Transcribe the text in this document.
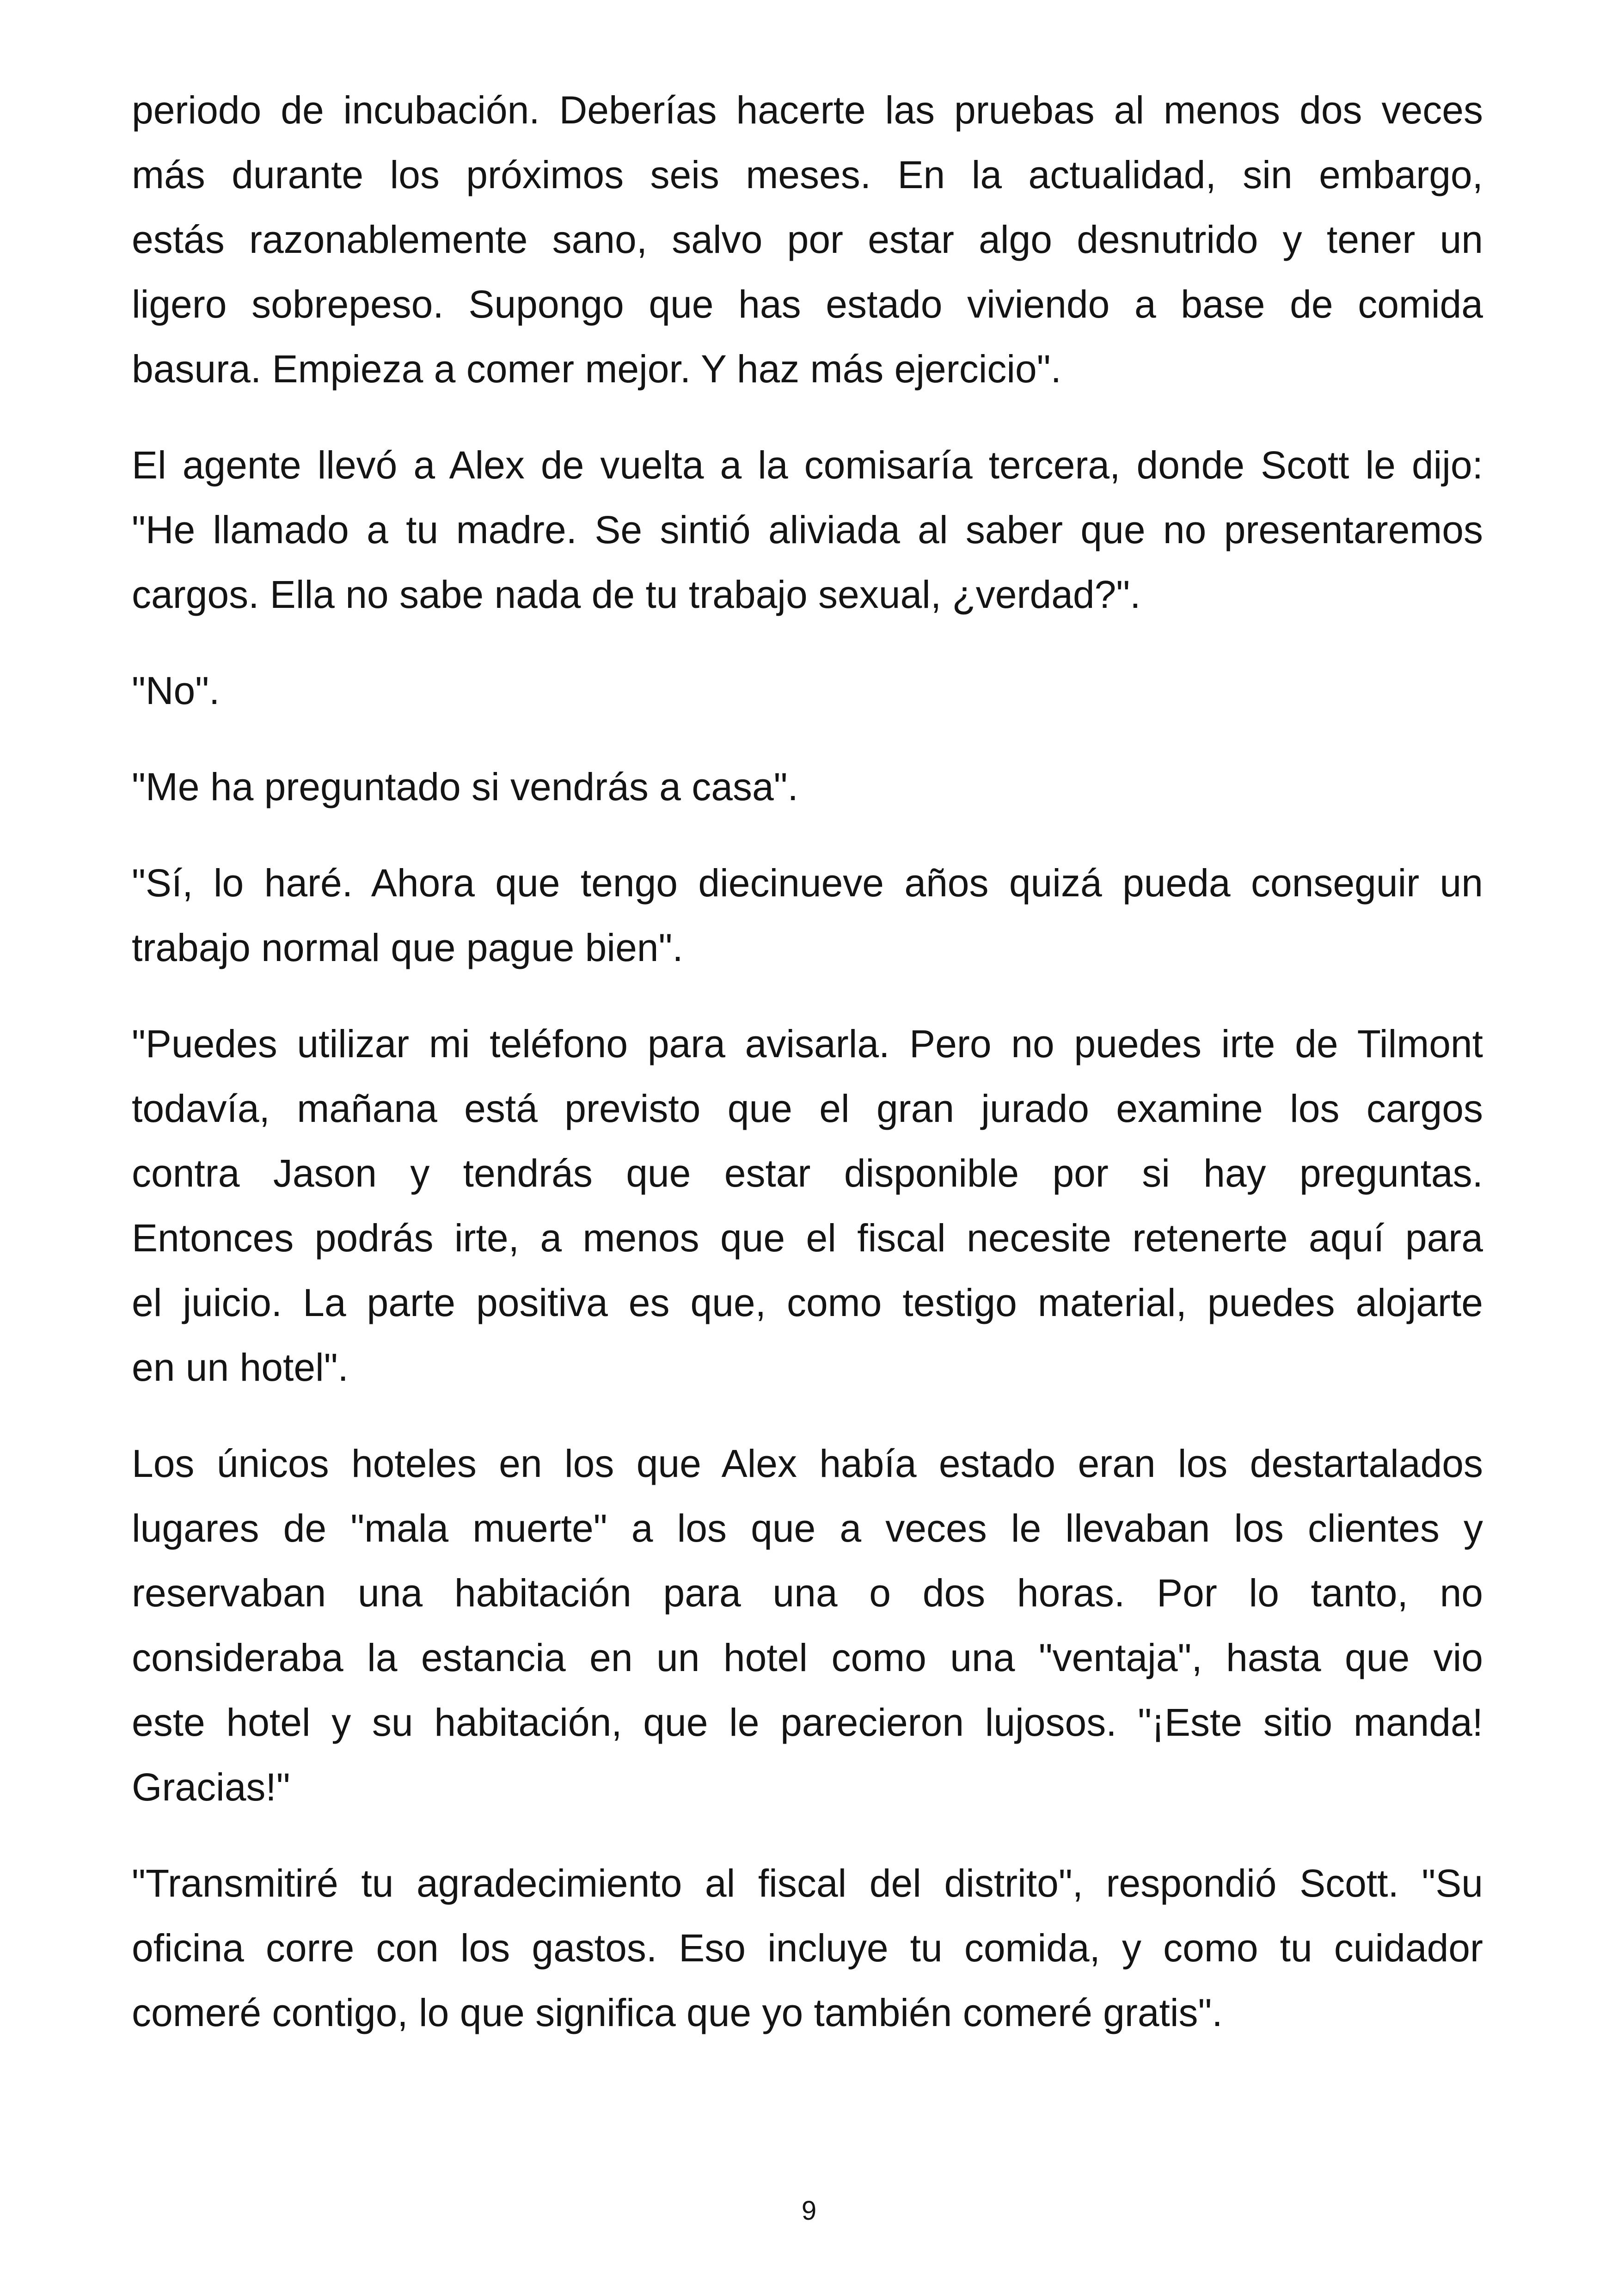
periodo de incubación. Deberías hacerte las pruebas al menos dos veces
más durante los próximos seis meses. En la actualidad, sin embargo,
estás razonablemente sano, salvo por estar algo desnutrido y tener un
ligero sobrepeso. Supongo que has estado viviendo a base de comida
basura. Empieza a comer mejor. Y haz más ejercicio".
El agente llevó a Alex de vuelta a la comisaría tercera, donde Scott le dijo:
"He llamado a tu madre. Se sintió aliviada al saber que no presentaremos
cargos. Ella no sabe nada de tu trabajo sexual, ¿verdad?".
"No".
"Me ha preguntado si vendrás a casa".
"Sí, lo haré. Ahora que tengo diecinueve años quizá pueda conseguir un
trabajo normal que pague bien".
"Puedes utilizar mi teléfono para avisarla. Pero no puedes irte de Tilmont
todavía, mañana está previsto que el gran jurado examine los cargos
contra Jason y tendrás que estar disponible por si hay preguntas.
Entonces podrás irte, a menos que el fiscal necesite retenerte aquí para
el juicio. La parte positiva es que, como testigo material, puedes alojarte
en un hotel".
Los únicos hoteles en los que Alex había estado eran los destartalados
lugares de "mala muerte" a los que a veces le llevaban los clientes y
reservaban una habitación para una o dos horas. Por lo tanto, no
consideraba la estancia en un hotel como una "ventaja", hasta que vio
este hotel y su habitación, que le parecieron lujosos. "¡Este sitio manda!
Gracias!"
"Transmitiré tu agradecimiento al fiscal del distrito", respondió Scott. "Su
oficina corre con los gastos. Eso incluye tu comida, y como tu cuidador
comeré contigo, lo que significa que yo también comeré gratis".
9
